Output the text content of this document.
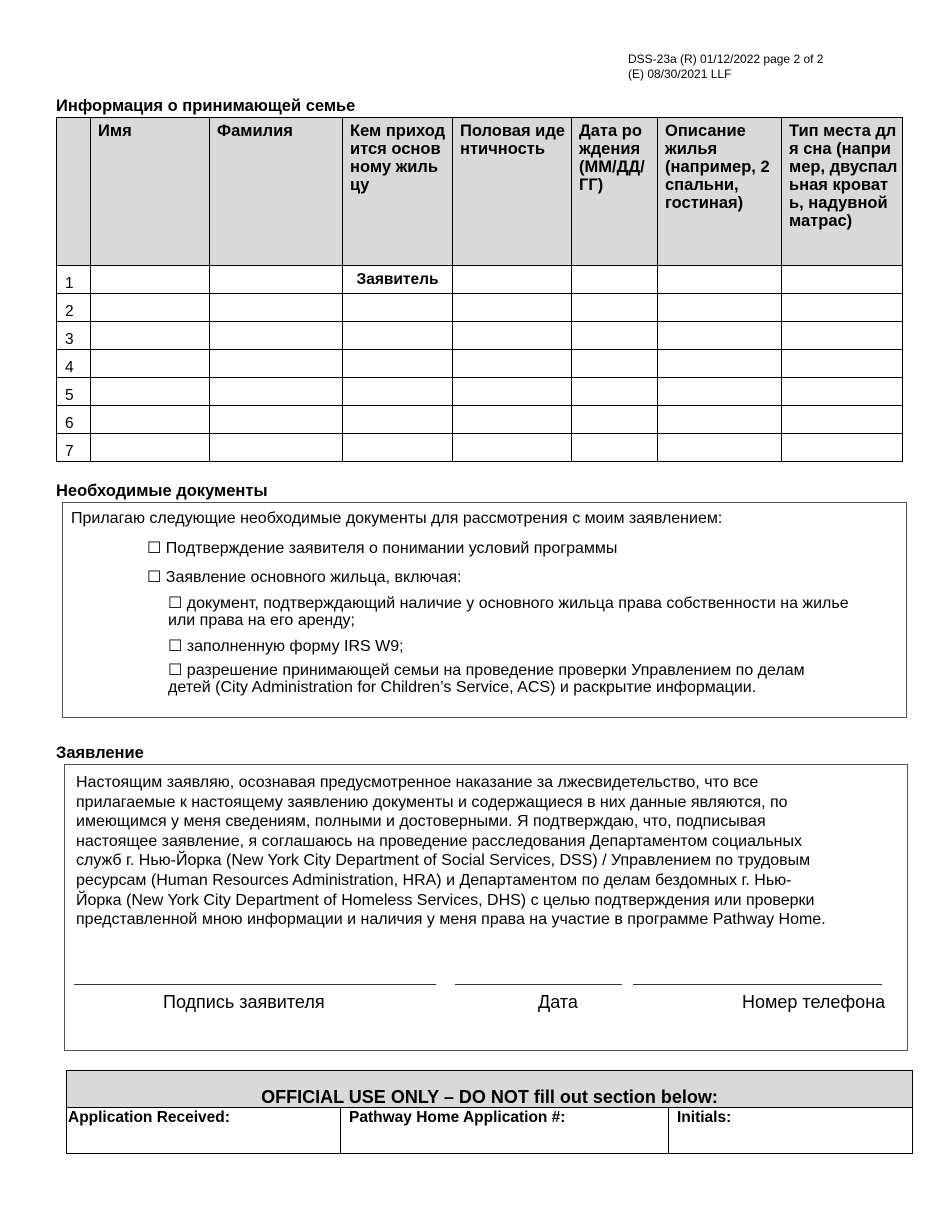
DSS-23a (R) 01/12/2022 page 2 of 2
(E) 08/30/2021 LLF
Информация о принимающей семье
	Имя	Фамилия	Кем приходится основному жильцу	Половая идентичность	Дата рождения (ММ/ДД/ГГ)	Описание жилья (например, 2 спальни, гостиная)	Тип места для сна (например, двуспальная кровать, надувной матрас)
1			Заявитель				
2							
3							
4							
5							
6							
7							
Необходимые документы
Прилагаю следующие необходимые документы для рассмотрения с моим заявлением:
☐ Подтверждение заявителя о понимании условий программы
☐ Заявление основного жильца, включая:
☐ документ, подтверждающий наличие у основного жильца права собственности на жилье
или права на его аренду;
☐ заполненную форму IRS W9;
☐ разрешение принимающей семьи на проведение проверки Управлением по делам
детей (City Administration for Children’s Service, ACS) и раскрытие информации.
Заявление
Настоящим заявляю, осознавая предусмотренное наказание за лжесвидетельство, что все
прилагаемые к настоящему заявлению документы и содержащиеся в них данные являются, по
имеющимся у меня сведениям, полными и достоверными. Я подтверждаю, что, подписывая
настоящее заявление, я соглашаюсь на проведение расследования Департаментом социальных
служб г. Нью-Йорка (New York City Department of Social Services, DSS) / Управлением по трудовым
ресурсам (Human Resources Administration, HRA) и Департаментом по делам бездомных г. Нью-
Йорка (New York City Department of Homeless Services, DHS) с целью подтверждения или проверки
представленной мною информации и наличия у меня права на участие в программе Pathway Home.
Подпись заявителя	Дата	Номер телефона
OFFICIAL USE ONLY – DO NOT fill out section below:
Application Received:	Pathway Home Application #:	Initials:
